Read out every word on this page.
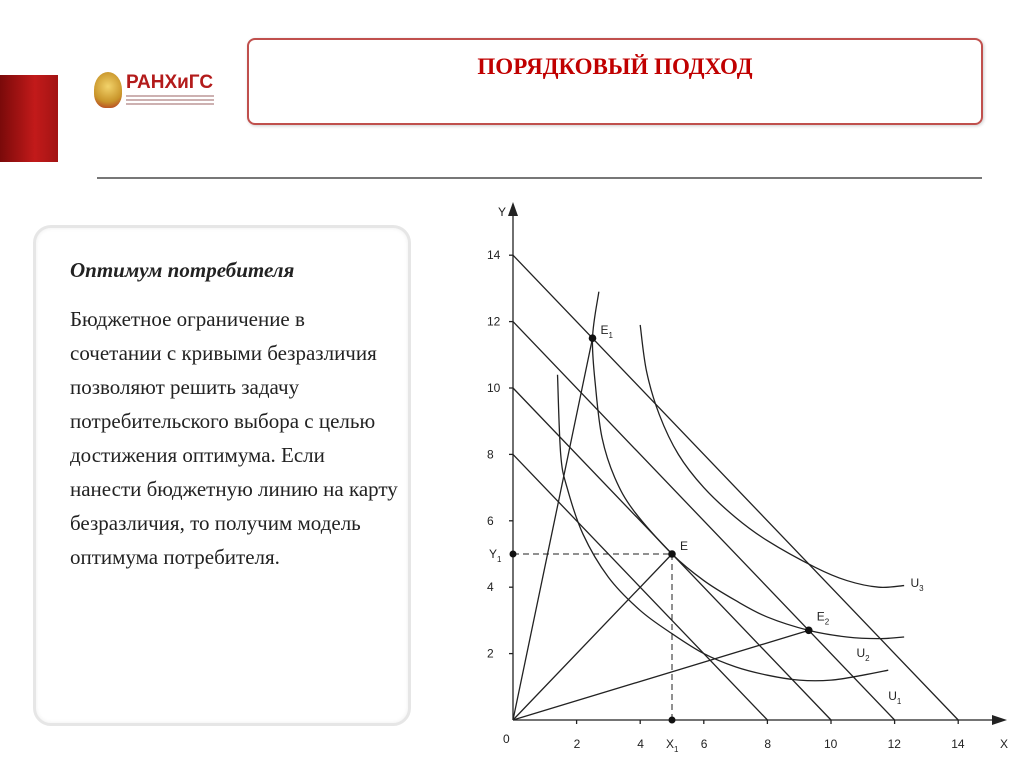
РАНХиГС
ПОРЯДКОВЫЙ ПОДХОД
Оптимум потребителя

Бюджетное ограничение в сочетании с кривыми безразличия позволяют решить задачу потребительского выбора с целью достижения оптимума. Если нанести бюджетную линию на карту безразличия, то получим модель оптимума потребителя.

Y
X
0
2
4
6
8
10
12
14
2	4	6	8	10	12	14
$U_1$
$U_2$
$U_3$
$Y_1$
$X_1$
$E_1$
E
$E_2$
